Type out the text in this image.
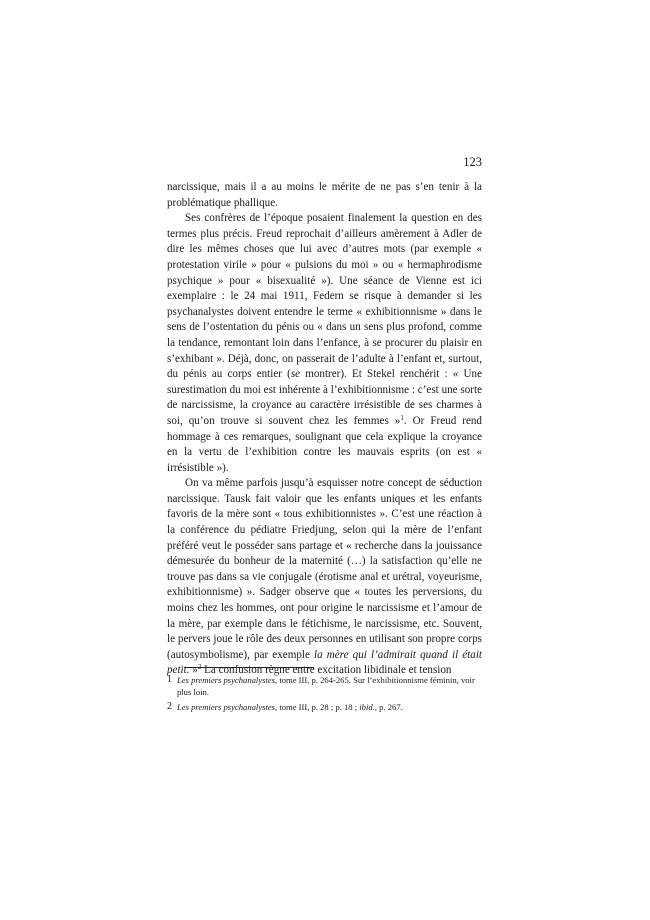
123

narcissique, mais il a au moins le mérite de ne pas s’en tenir à la problématique phallique.

Ses confrères de l’époque posaient finalement la question en des termes plus précis. Freud reprochait d’ailleurs amèrement à Adler de dire les mêmes choses que lui avec d’autres mots (par exemple « protestation virile » pour « pulsions du moi » ou « hermaphrodisme psychique » pour « bisexualité »). Une séance de Vienne est ici exemplaire : le 24 mai 1911, Federn se risque à demander si les psychanalystes doivent entendre le terme « exhibitionnisme » dans le sens de l’ostentation du pénis ou « dans un sens plus profond, comme la tendance, remontant loin dans l’enfance, à se procurer du plaisir en s’exhibant ». Déjà, donc, on passerait de l’adulte à l’enfant et, surtout, du pénis au corps entier (se montrer). Et Stekel renchérit : « Une surestimation du moi est inhérente à l’exhibitionnisme : c’est une sorte de narcissisme, la croyance au caractère irrésistible de ses charmes à soi, qu’on trouve si souvent chez les femmes »$^1$. Or Freud rend hommage à ces remarques, soulignant que cela explique la croyance en la vertu de l’exhibition contre les mauvais esprits (on est « irrésistible »).

On va même parfois jusqu’à esquisser notre concept de séduction narcissique. Tausk fait valoir que les enfants uniques et les enfants favoris de la mère sont « tous exhibitionnistes ». C’est une réaction à la conférence du pédiatre Friedjung, selon qui la mère de l’enfant préféré veut le posséder sans partage et « recherche dans la jouissance démesurée du bonheur de la maternité (…) la satisfaction qu’elle ne trouve pas dans sa vie conjugale (érotisme anal et urétral, voyeurisme, exhibitionnisme) ». Sadger observe que « toutes les perversions, du moins chez les hommes, ont pour origine le narcissisme et l’amour de la mère, par exemple dans le fétichisme, le narcissisme, etc. Souvent, le pervers joue le rôle des deux personnes en utilisant son propre corps (autosymbolisme), par exemple la mère qui l’admirait quand il était petit. »$^2$ La confusion règne entre excitation libidinale et tension

1 Les premiers psychanalystes, tome III, p. 264-265. Sur l’exhibitionnisme féminin, voir plus loin.
2 Les premiers psychanalystes, tome III, p. 28 ; p. 18 ; ibid., p. 267.
